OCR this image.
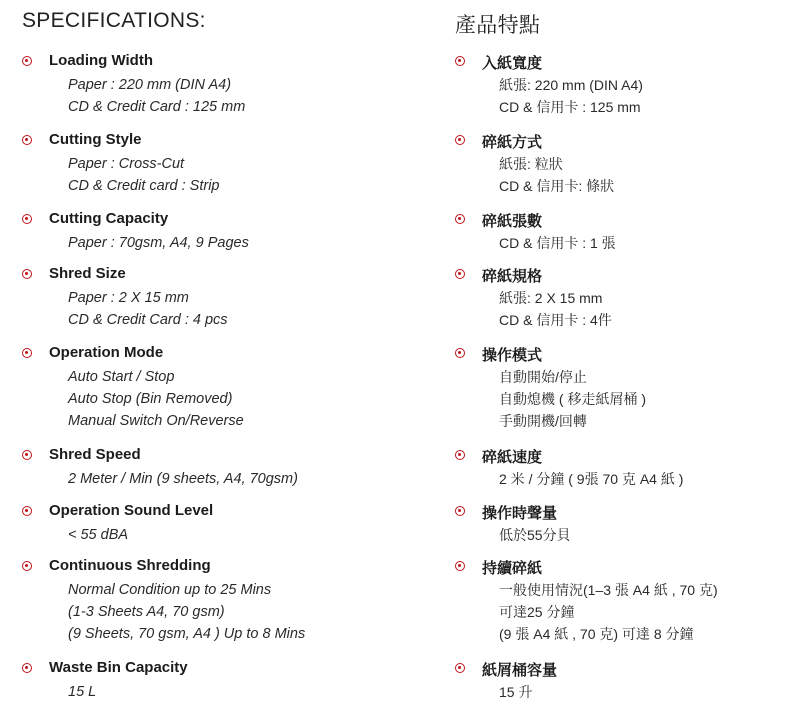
SPECIFICATIONS:
Loading Width
Paper : 220 mm (DIN A4)
CD & Credit Card : 125 mm
Cutting Style
Paper : Cross-Cut
CD & Credit card : Strip
Cutting Capacity
Paper : 70gsm, A4, 9 Pages
Shred Size
Paper : 2 X 15 mm
CD & Credit Card : 4 pcs
Operation Mode
Auto Start / Stop
Auto Stop (Bin Removed)
Manual Switch On/Reverse
Shred Speed
2 Meter / Min (9 sheets, A4, 70gsm)
Operation Sound Level
< 55 dBA
Continuous Shredding
Normal Condition up to 25 Mins
(1-3 Sheets A4, 70 gsm)
(9 Sheets, 70 gsm, A4 ) Up to 8 Mins
Waste Bin Capacity
15 L
產品特點
入紙寬度
紙張: 220 mm (DIN A4)
CD & 信用卡 : 125 mm
碎紙方式
紙張: 粒狀
CD & 信用卡: 條狀
碎紙張數
CD & 信用卡 : 1 張
碎紙規格
紙張: 2 X 15 mm
CD & 信用卡 : 4件
操作模式
自動開始/停止
自動熄機 ( 移走紙屑桶 )
手動開機/回轉
碎紙速度
2 米 / 分鐘 ( 9張 70 克 A4 紙 )
操作時聲量
低於55分貝
持續碎紙
一般使用情況(1–3 張 A4 紙 , 70 克)
可達25 分鐘
(9 張 A4 紙 , 70 克) 可達 8 分鐘
紙屑桶容量
15 升
